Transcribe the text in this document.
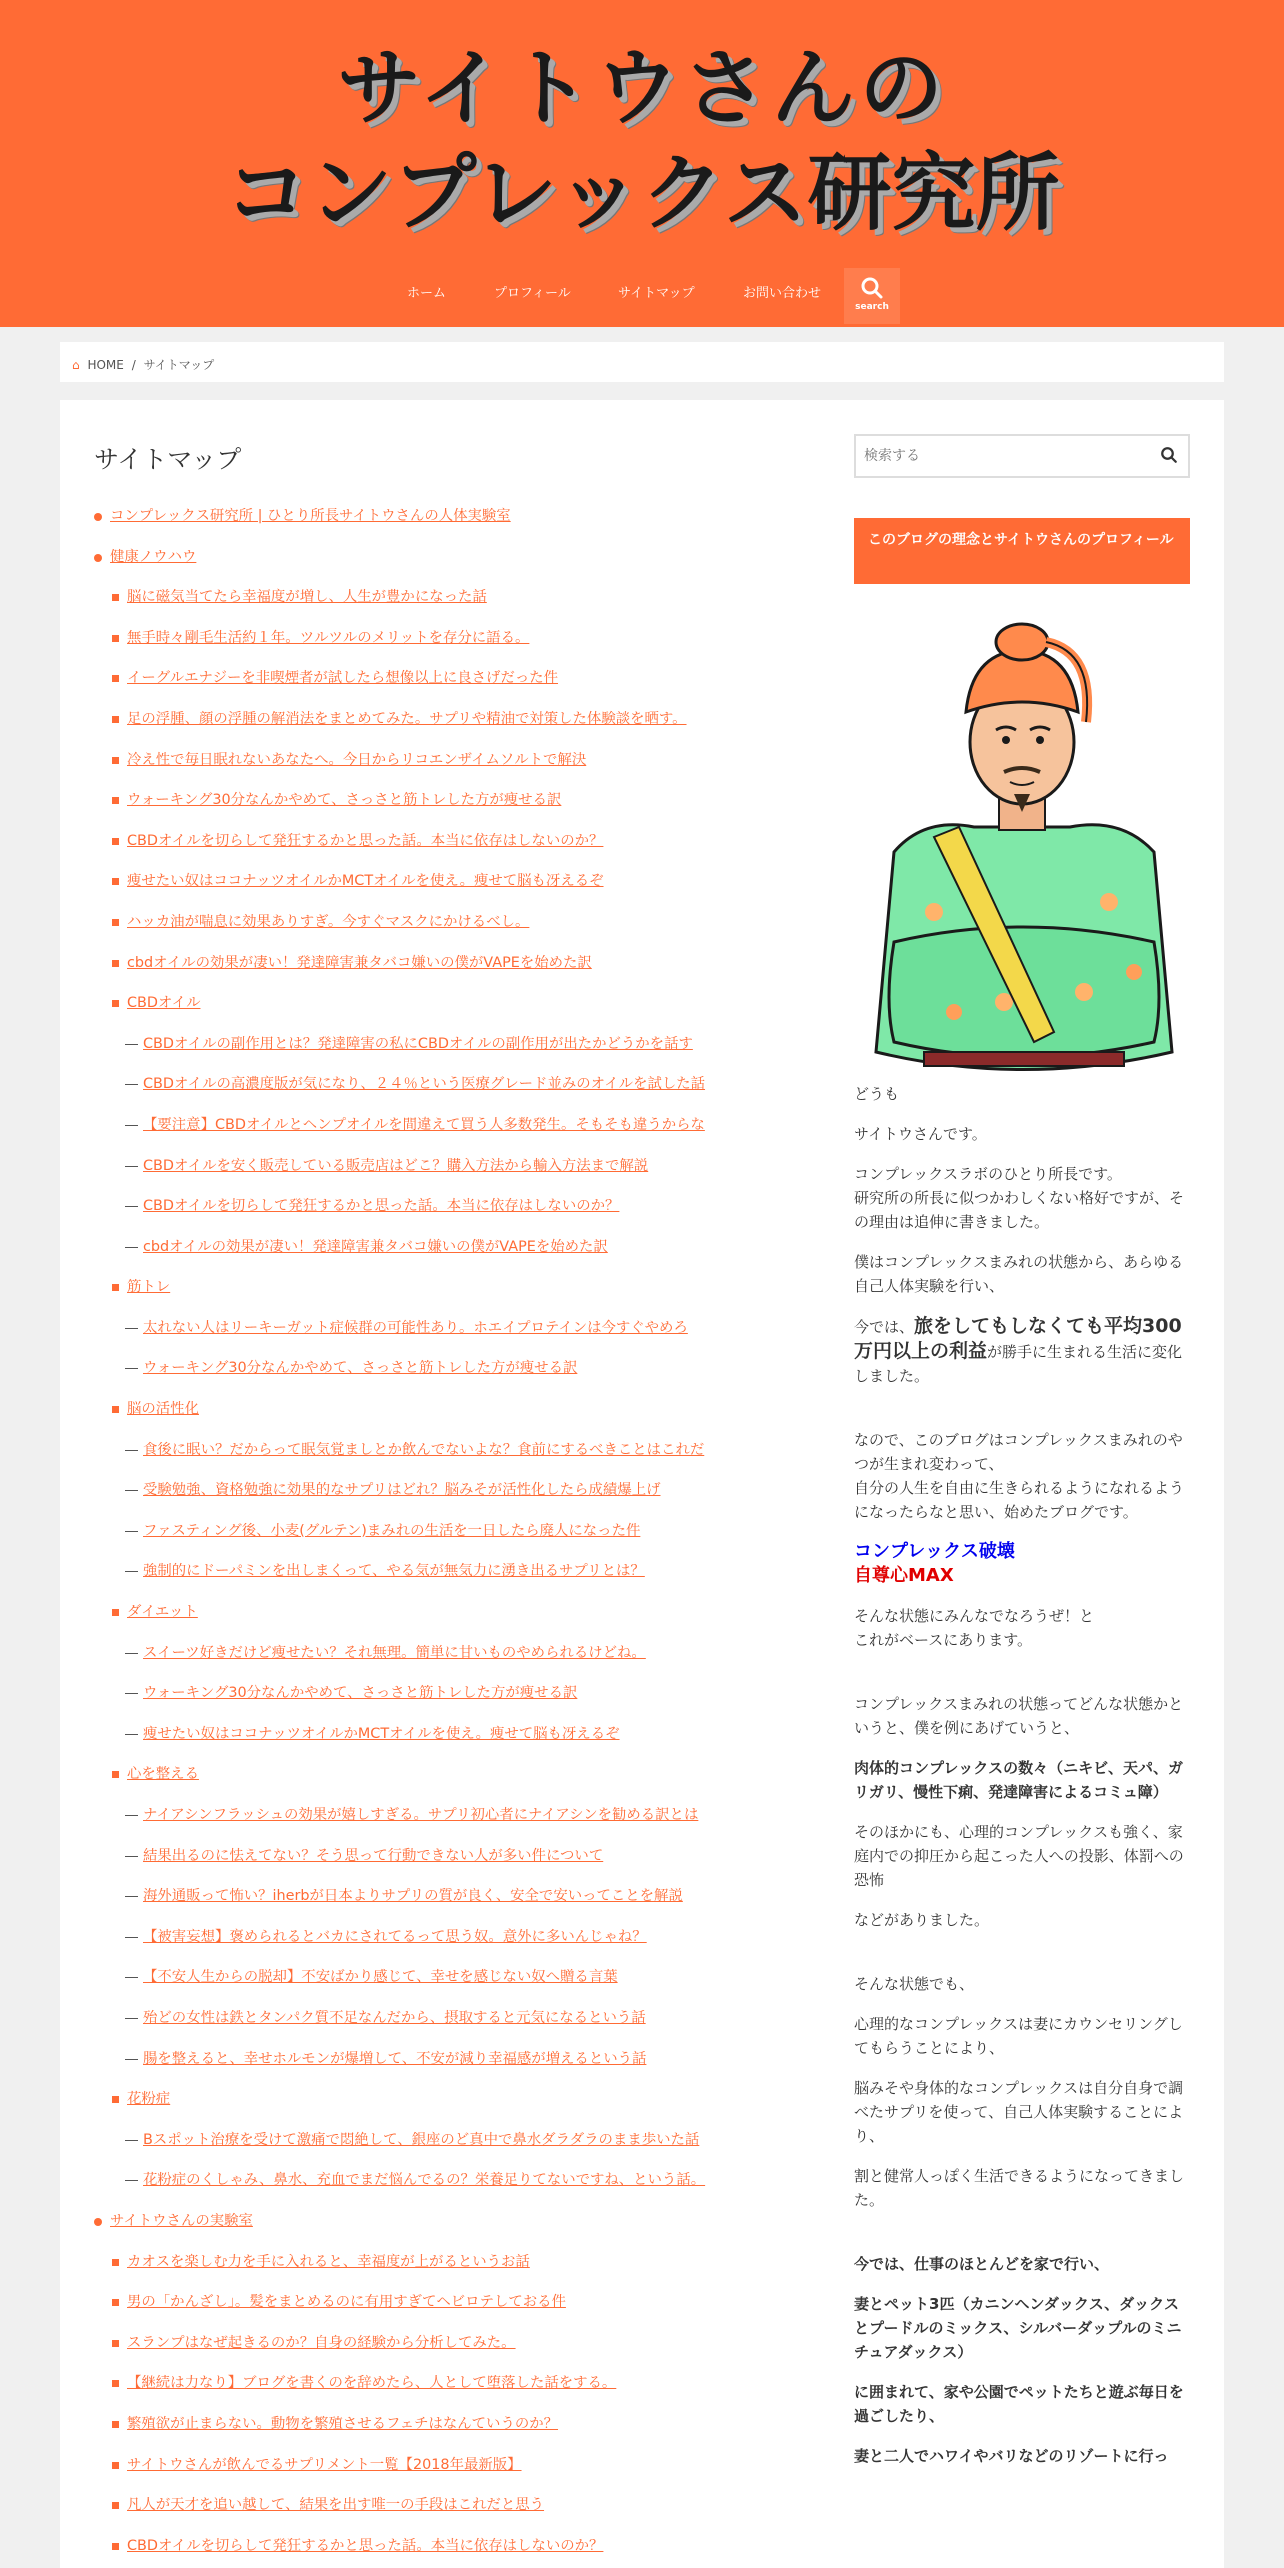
サイトウさんの
コンプレックス研究所
ホーム	プロフィール	サイトマップ	お問い合わせ
search
⌂ HOME / サイトマップ
サイトマップ
コンプレックス研究所 | ひとり所長サイトウさんの人体実験室
健康ノウハウ
脳に磁気当てたら幸福度が増し、人生が豊かになった話
無手時々剛毛生活約１年。ツルツルのメリットを存分に語る。
イーグルエナジーを非喫煙者が試したら想像以上に良さげだった件
足の浮腫、顔の浮腫の解消法をまとめてみた。サプリや精油で対策した体験談を晒す。
冷え性で毎日眠れないあなたへ。今日からリコエンザイムソルトで解決
ウォーキング30分なんかやめて、さっさと筋トレした方が痩せる訳
CBDオイルを切らして発狂するかと思った話。本当に依存はしないのか？
痩せたい奴はココナッツオイルかMCTオイルを使え。痩せて脳も冴えるぞ
ハッカ油が喘息に効果ありすぎ。今すぐマスクにかけるべし。
cbdオイルの効果が凄い！発達障害兼タバコ嫌いの僕がVAPEを始めた訳
CBDオイル
CBDオイルの副作用とは？発達障害の私にCBDオイルの副作用が出たかどうかを話す
CBDオイルの高濃度版が気になり、２４％という医療グレード並みのオイルを試した話
【要注意】CBDオイルとヘンプオイルを間違えて買う人多数発生。そもそも違うからな
CBDオイルを安く販売している販売店はどこ？購入方法から輸入方法まで解説
CBDオイルを切らして発狂するかと思った話。本当に依存はしないのか？
cbdオイルの効果が凄い！発達障害兼タバコ嫌いの僕がVAPEを始めた訳
筋トレ
太れない人はリーキーガット症候群の可能性あり。ホエイプロテインは今すぐやめろ
ウォーキング30分なんかやめて、さっさと筋トレした方が痩せる訳
脳の活性化
食後に眠い？だからって眠気覚ましとか飲んでないよな？食前にするべきことはこれだ
受験勉強、資格勉強に効果的なサプリはどれ？脳みそが活性化したら成績爆上げ
ファスティング後、小麦(グルテン)まみれの生活を一日したら廃人になった件
強制的にドーパミンを出しまくって、やる気が無気力に湧き出るサプリとは？
ダイエット
スイーツ好きだけど痩せたい？それ無理。簡単に甘いものやめられるけどね。
ウォーキング30分なんかやめて、さっさと筋トレした方が痩せる訳
痩せたい奴はココナッツオイルかMCTオイルを使え。痩せて脳も冴えるぞ
心を整える
ナイアシンフラッシュの効果が嬉しすぎる。サプリ初心者にナイアシンを勧める訳とは
結果出るのに怯えてない？そう思って行動できない人が多い件について
海外通販って怖い？iherbが日本よりサプリの質が良く、安全で安いってことを解説
【被害妄想】褒められるとバカにされてるって思う奴。意外に多いんじゃね？
【不安人生からの脱却】不安ばかり感じて、幸せを感じない奴へ贈る言葉
殆どの女性は鉄とタンパク質不足なんだから、摂取すると元気になるという話
腸を整えると、幸せホルモンが爆増して、不安が減り幸福感が増えるという話
花粉症
Bスポット治療を受けて激痛で悶絶して、銀座のど真中で鼻水ダラダラのまま歩いた話
花粉症のくしゃみ、鼻水、充血でまだ悩んでるの？栄養足りてないですね、という話。
サイトウさんの実験室
カオスを楽しむ力を手に入れると、幸福度が上がるというお話
男の「かんざし」。髪をまとめるのに有用すぎてヘビロテしておる件
スランプはなぜ起きるのか？自身の経験から分析してみた。
【継続は力なり】ブログを書くのを辞めたら、人として堕落した話をする。
繁殖欲が止まらない。動物を繁殖させるフェチはなんていうのか？
サイトウさんが飲んでるサプリメント一覧【2018年最新版】
凡人が天才を追い越して、結果を出す唯一の手段はこれだと思う
CBDオイルを切らして発狂するかと思った話。本当に依存はしないのか？
検索する
このブログの理念とサイトウさんのプロフィール

どうも

サイトウさんです。

コンプレックスラボのひとり所長です。
研究所の所長に似つかわしくない格好ですが、その理由は追伸に書きました。

僕はコンプレックスまみれの状態から、あらゆる自己人体実験を行い、

今では、旅をしてもしなくても平均300万円以上の利益が勝手に生まれる生活に変化しました。

なので、このブログはコンプレックスまみれのやつが生まれ変わって、
自分の人生を自由に生きられるようになれるようになったらなと思い、始めたブログです。

コンプレックス破壊

自尊心MAX

そんな状態にみんなでなろうぜ！と
これがベースにあります。

コンプレックスまみれの状態ってどんな状態かというと、僕を例にあげていうと、

肉体的コンプレックスの数々（ニキビ、天パ、ガリガリ、慢性下痢、発達障害によるコミュ障）

そのほかにも、心理的コンプレックスも強く、家庭内での抑圧から起こった人への投影、体罰への恐怖

などがありました。

そんな状態でも、

心理的なコンプレックスは妻にカウンセリングしてもらうことにより、

脳みそや身体的なコンプレックスは自分自身で調べたサプリを使って、自己人体実験することにより、

割と健常人っぽく生活できるようになってきました。

今では、仕事のほとんどを家で行い、

妻とペット3匹（カニンヘンダックス、ダックスとプードルのミックス、シルバーダップルのミニチュアダックス）

に囲まれて、家や公園でペットたちと遊ぶ毎日を過ごしたり、

妻と二人でハワイやバリなどのリゾートに行っ
